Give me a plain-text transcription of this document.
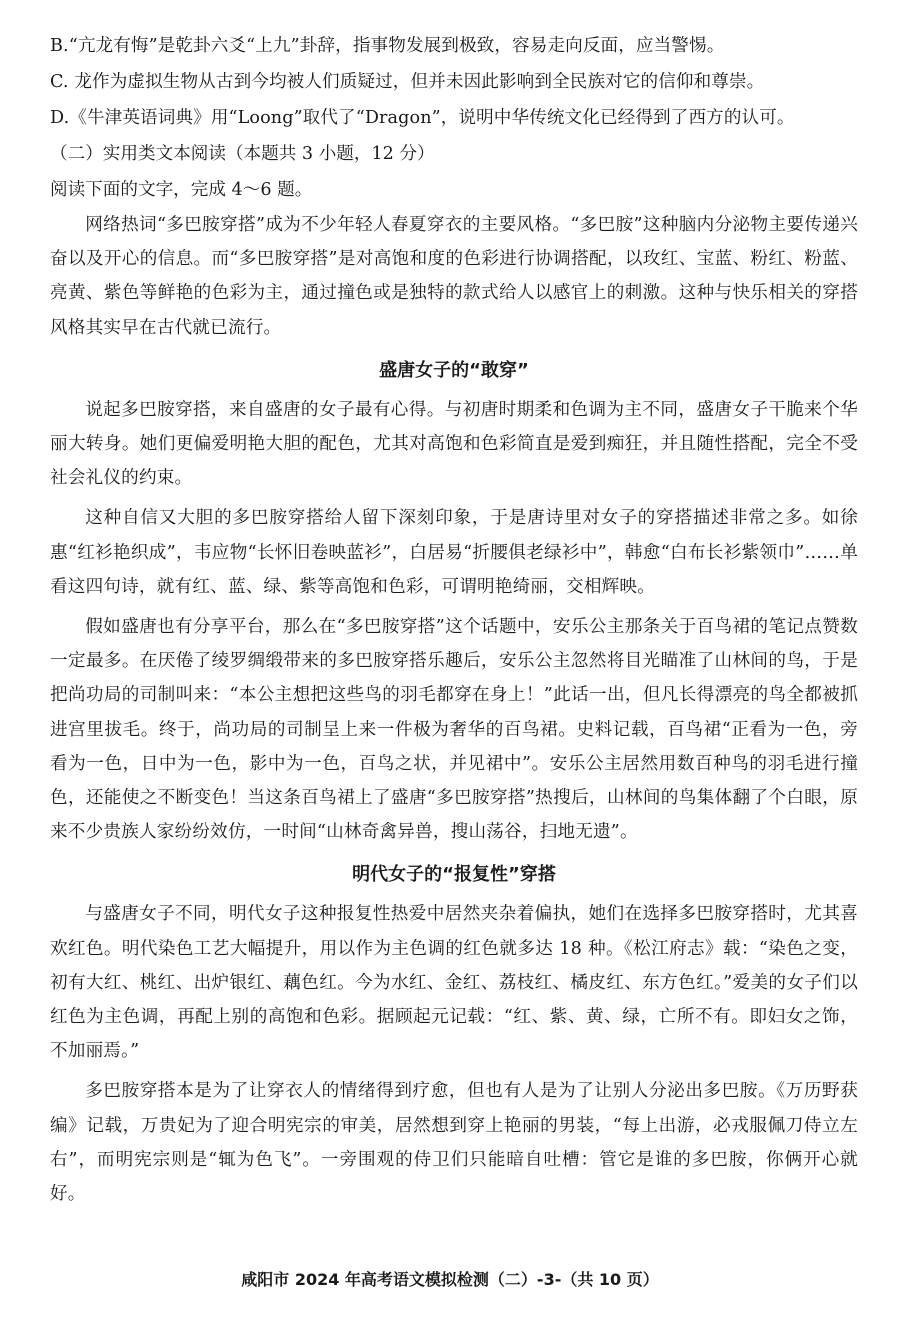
B.“亢龙有悔”是乾卦六爻“上九”卦辞，指事物发展到极致，容易走向反面，应当警惕。

C. 龙作为虚拟生物从古到今均被人们质疑过，但并未因此影响到全民族对它的信仰和尊崇。

D.《牛津英语词典》用“Loong”取代了“Dragon”，说明中华传统文化已经得到了西方的认可。

（二）实用类文本阅读（本题共 3 小题，12 分）

阅读下面的文字，完成 4～6 题。

网络热词“多巴胺穿搭”成为不少年轻人春夏穿衣的主要风格。“多巴胺”这种脑内分泌物主要传递兴奋以及开心的信息。而“多巴胺穿搭”是对高饱和度的色彩进行协调搭配，以玫红、宝蓝、粉红、粉蓝、亮黄、紫色等鲜艳的色彩为主，通过撞色或是独特的款式给人以感官上的刺激。这种与快乐相关的穿搭风格其实早在古代就已流行。

盛唐女子的“敢穿”

说起多巴胺穿搭，来自盛唐的女子最有心得。与初唐时期柔和色调为主不同，盛唐女子干脆来个华丽大转身。她们更偏爱明艳大胆的配色，尤其对高饱和色彩简直是爱到痴狂，并且随性搭配，完全不受社会礼仪的约束。

这种自信又大胆的多巴胺穿搭给人留下深刻印象，于是唐诗里对女子的穿搭描述非常之多。如徐惠“红衫艳织成”，韦应物“长怀旧卷映蓝衫”，白居易“折腰俱老绿衫中”，韩愈“白布长衫紫领巾”……单看这四句诗，就有红、蓝、绿、紫等高饱和色彩，可谓明艳绮丽，交相辉映。

假如盛唐也有分享平台，那么在“多巴胺穿搭”这个话题中，安乐公主那条关于百鸟裙的笔记点赞数一定最多。在厌倦了绫罗绸缎带来的多巴胺穿搭乐趣后，安乐公主忽然将目光瞄准了山林间的鸟，于是把尚功局的司制叫来：“本公主想把这些鸟的羽毛都穿在身上！”此话一出，但凡长得漂亮的鸟全都被抓进宫里拔毛。终于，尚功局的司制呈上来一件极为奢华的百鸟裙。史料记载，百鸟裙“正看为一色，旁看为一色，日中为一色，影中为一色，百鸟之状，并见裙中”。安乐公主居然用数百种鸟的羽毛进行撞色，还能使之不断变色！当这条百鸟裙上了盛唐“多巴胺穿搭”热搜后，山林间的鸟集体翻了个白眼，原来不少贵族人家纷纷效仿，一时间“山林奇禽异兽，搜山荡谷，扫地无遗”。

明代女子的“报复性”穿搭

与盛唐女子不同，明代女子这种报复性热爱中居然夹杂着偏执，她们在选择多巴胺穿搭时，尤其喜欢红色。明代染色工艺大幅提升，用以作为主色调的红色就多达 18 种。《松江府志》载：“染色之变，初有大红、桃红、出炉银红、藕色红。今为水红、金红、荔枝红、橘皮红、东方色红。”爱美的女子们以红色为主色调，再配上别的高饱和色彩。据顾起元记载：“红、紫、黄、绿，亡所不有。即妇女之饰，不加丽焉。”

多巴胺穿搭本是为了让穿衣人的情绪得到疗愈，但也有人是为了让别人分泌出多巴胺。《万历野获编》记载，万贵妃为了迎合明宪宗的审美，居然想到穿上艳丽的男装，“每上出游，必戎服佩刀侍立左右”，而明宪宗则是“辄为色飞”。一旁围观的侍卫们只能暗自吐槽：管它是谁的多巴胺，你俩开心就好。

咸阳市 2024 年高考语文模拟检测（二）-3-（共 10 页）
